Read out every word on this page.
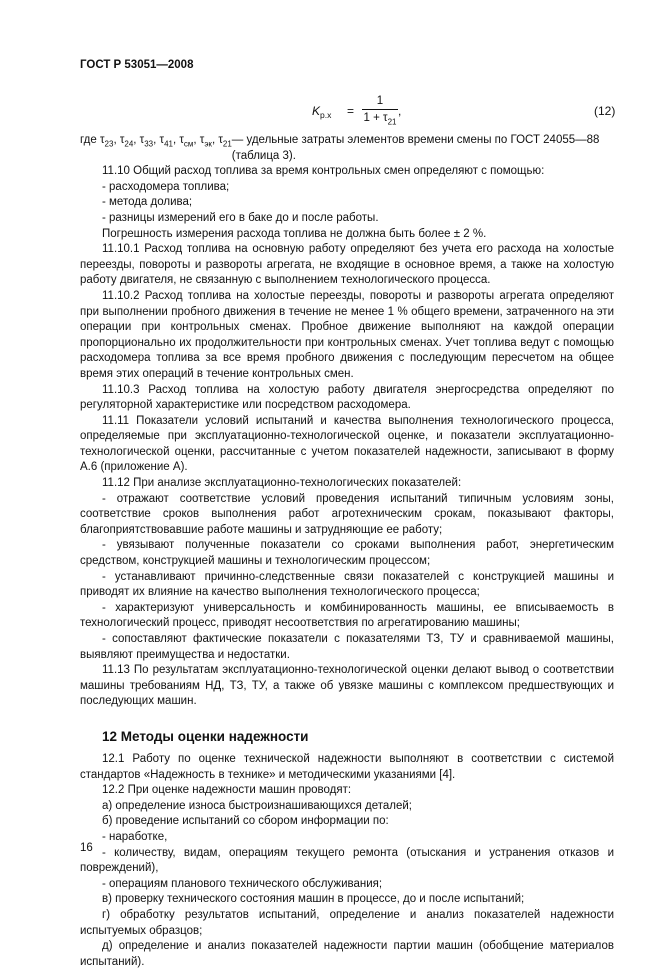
ГОСТ Р 53051—2008
$K_{р.х}$ =
1
$1 + \tau_{21}$
,	(12)
где $\tau_{23}$, $\tau_{24}$, $\tau_{33}$, $\tau_{41}$, $\tau_{см}$, $\tau_{эк}$, $\tau_{21}$ — удельные затраты элементов времени смены по ГОСТ 24055—88 (таблица 3).

11.10 Общий расход топлива за время контрольных смен определяют с помощью:

- расходомера топлива;

- метода долива;

- разницы измерений его в баке до и после работы.

Погрешность измерения расхода топлива не должна быть более ± 2 %.

11.10.1 Расход топлива на основную работу определяют без учета его расхода на холостые переезды, повороты и развороты агрегата, не входящие в основное время, а также на холостую работу двигателя, не связанную с выполнением технологического процесса.

11.10.2 Расход топлива на холостые переезды, повороты и развороты агрегата определяют при выполнении пробного движения в течение не менее 1 % общего времени, затраченного на эти операции при контрольных сменах. Пробное движение выполняют на каждой операции пропорционально их продолжительности при контрольных сменах. Учет топлива ведут с помощью расходомера топлива за все время пробного движения с последующим пересчетом на общее время этих операций в течение контрольных смен.

11.10.3 Расход топлива на холостую работу двигателя энергосредства определяют по регуляторной характеристике или посредством расходомера.

11.11 Показатели условий испытаний и качества выполнения технологического процесса, определяемые при эксплуатационно-технологической оценке, и показатели эксплуатационно-технологической оценки, рассчитанные с учетом показателей надежности, записывают в форму А.6 (приложение А).

11.12 При анализе эксплуатационно-технологических показателей:

- отражают соответствие условий проведения испытаний типичным условиям зоны, соответствие сроков выполнения работ агротехническим срокам, показывают факторы, благоприятствовавшие работе машины и затрудняющие ее работу;

- увязывают полученные показатели со сроками выполнения работ, энергетическим средством, конструкцией машины и технологическим процессом;

- устанавливают причинно-следственные связи показателей с конструкцией машины и приводят их влияние на качество выполнения технологического процесса;

- характеризуют универсальность и комбинированность машины, ее вписываемость в технологический процесс, приводят несоответствия по агрегатированию машины;

- сопоставляют фактические показатели с показателями ТЗ, ТУ и сравниваемой машины, выявляют преимущества и недостатки.

11.13 По результатам эксплуатационно-технологической оценки делают вывод о соответствии машины требованиям НД, ТЗ, ТУ, а также об увязке машины с комплексом предшествующих и последующих машин.

12 Методы оценки надежности

12.1 Работу по оценке технической надежности выполняют в соответствии с системой стандартов «Надежность в технике» и методическими указаниями [4].

12.2 При оценке надежности машин проводят:

а) определение износа быстроизнашивающихся деталей;

б) проведение испытаний со сбором информации по:

- наработке,

- количеству, видам, операциям текущего ремонта (отыскания и устранения отказов и повреждений),

- операциям планового технического обслуживания;

в) проверку технического состояния машин в процессе, до и после испытаний;

г) обработку результатов испытаний, определение и анализ показателей надежности испытуемых образцов;

д) определение и анализ показателей надежности партии машин (обобщение материалов испытаний).

16
